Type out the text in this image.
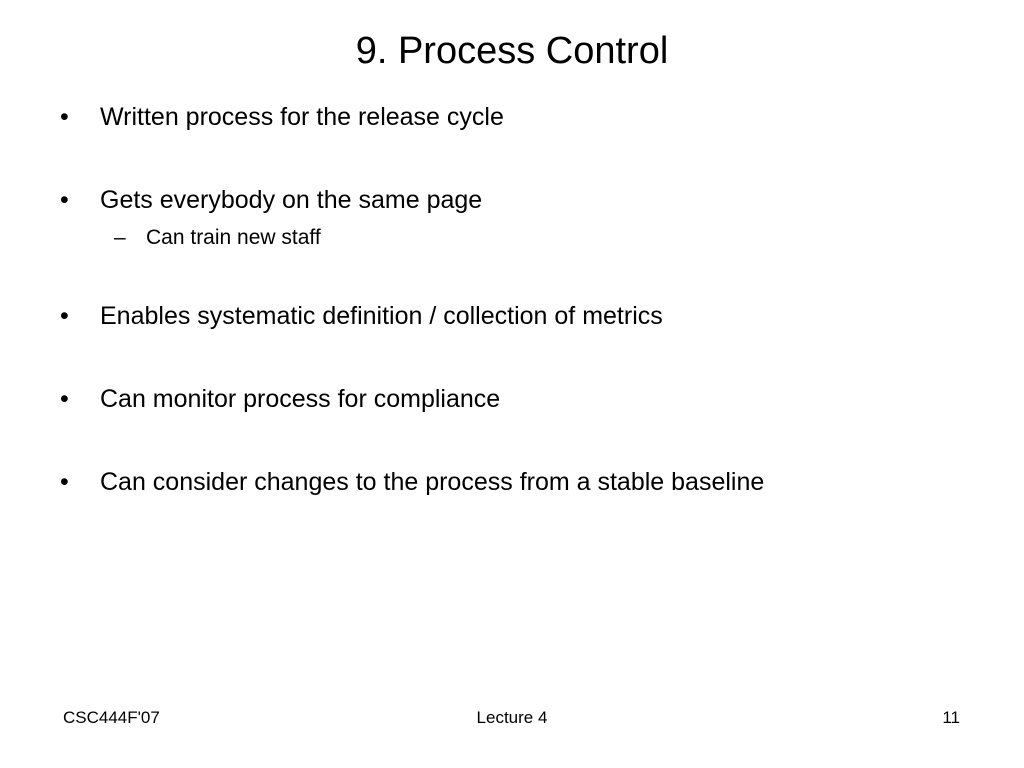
9. Process Control
•	Written process for the release cycle
•	Gets everybody on the same page
– Can train new staff
•	Enables systematic definition / collection of metrics
•	Can monitor process for compliance
•	Can consider changes to the process from a stable baseline
CSC444F'07	Lecture 4	11
